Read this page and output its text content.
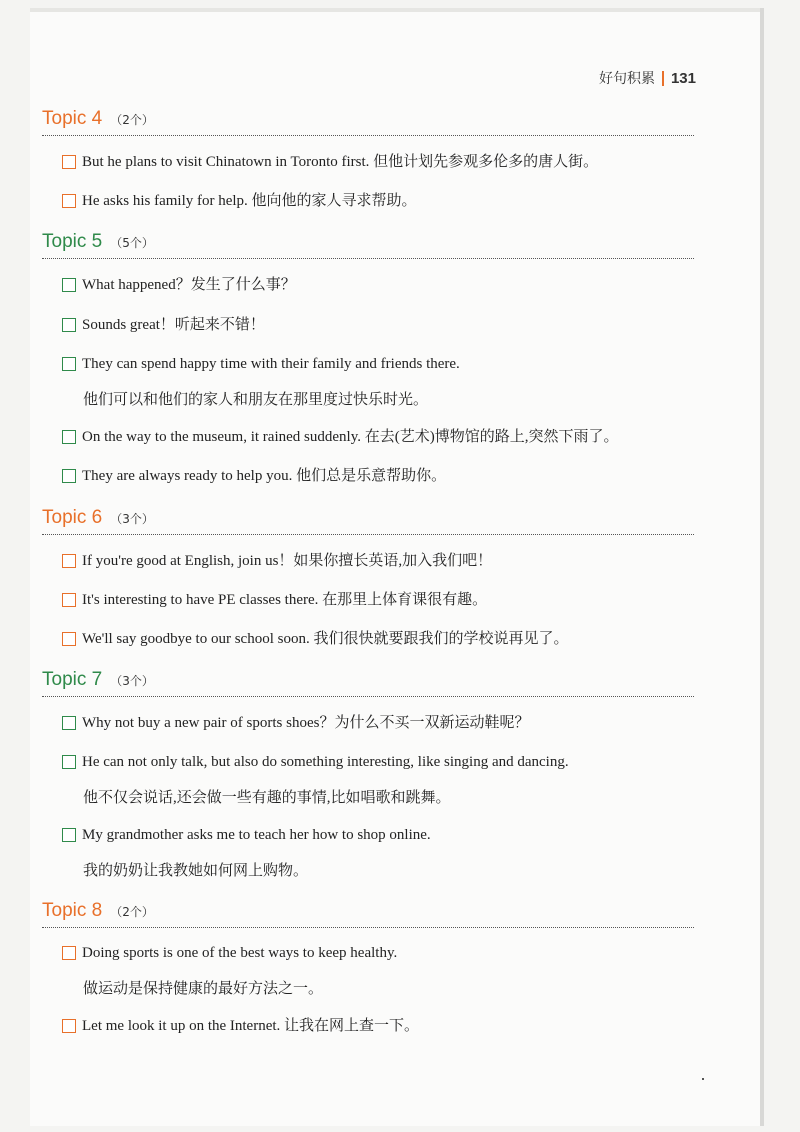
好句积累 131
Topic 4 （2个）
But he plans to visit Chinatown in Toronto first. 但他计划先参观多伦多的唐人街。
He asks his family for help. 他向他的家人寻求帮助。
Topic 5 （5个）
What happened？发生了什么事？
Sounds great！听起来不错！
They can spend happy time with their family and friends there.
他们可以和他们的家人和朋友在那里度过快乐时光。
On the way to the museum, it rained suddenly. 在去(艺术)博物馆的路上,突然下雨了。
They are always ready to help you. 他们总是乐意帮助你。
Topic 6 （3个）
If you're good at English, join us！如果你擅长英语,加入我们吧！
It's interesting to have PE classes there. 在那里上体育课很有趣。
We'll say goodbye to our school soon. 我们很快就要跟我们的学校说再见了。
Topic 7 （3个）
Why not buy a new pair of sports shoes？为什么不买一双新运动鞋呢？
He can not only talk, but also do something interesting, like singing and dancing.
他不仅会说话,还会做一些有趣的事情,比如唱歌和跳舞。
My grandmother asks me to teach her how to shop online.
我的奶奶让我教她如何网上购物。
Topic 8 （2个）
Doing sports is one of the best ways to keep healthy.
做运动是保持健康的最好方法之一。
Let me look it up on the Internet. 让我在网上查一下。
